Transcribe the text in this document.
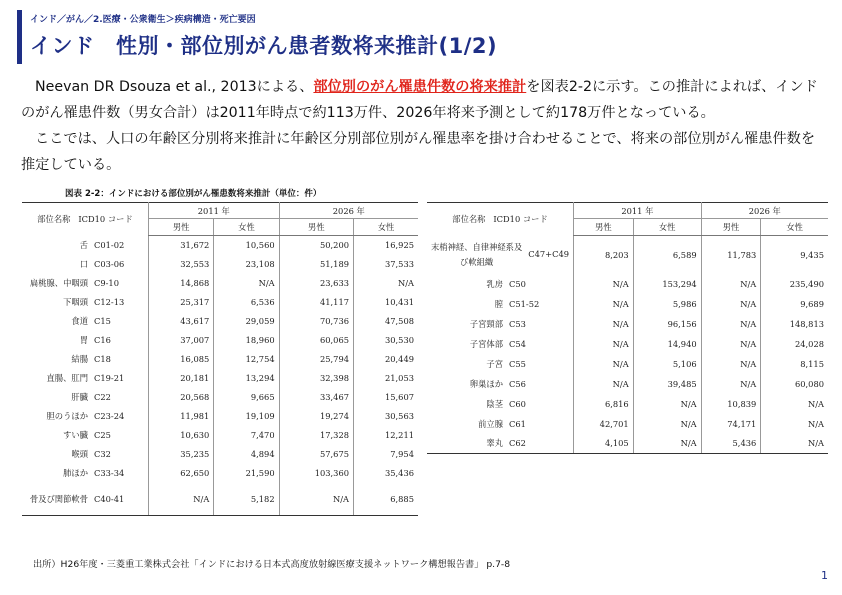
インド／がん／2.医療・公衆衛生＞疾病構造・死亡要因
インド　性別・部位別がん患者数将来推計(1/2)

Neevan DR Dsouza et al., 2013による、部位別のがん罹患件数の将来推計を図表2-2に示す。この推計によれば、インドのがん罹患件数（男女合計）は2011年時点で約113万件、2026年将来予測として約178万件となっている。

ここでは、人口の年齢区分別将来推計に年齢区分別部位別がん罹患率を掛け合わせることで、将来の部位別がん罹患件数を推定している。

図表 2-2：インドにおける部位別がん罹患数将来推計（単位：件）
部位名称 ICD10 コード	2011 年		2026 年	
	男性	女性	男性	女性
舌 C01-02	31,672	10,560	50,200	16,925
口 C03-06	32,553	23,108	51,189	37,533
扁桃腺、中咽頭 C9-10	14,868	N/A	23,633	N/A
下咽頭 C12-13	25,317	6,536	41,117	10,431
食道 C15	43,617	29,059	70,736	47,508
胃 C16	37,007	18,960	60,065	30,530
結腸 C18	16,085	12,754	25,794	20,449
直腸、肛門 C19-21	20,181	13,294	32,398	21,053
肝臓 C22	20,568	9,665	33,467	15,607
胆のうほか C23-24	11,981	19,109	19,274	30,563
すい臓 C25	10,630	7,470	17,328	12,211
喉頭 C32	35,235	4,894	57,675	7,954
肺ほか C33-34	62,650	21,590	103,360	35,436
骨及び関節軟骨 C40-41	N/A	5,182	N/A	6,885
部位名称 ICD10 コード	2011 年		2026 年	
	男性	女性	男性	女性

末梢神経、自律神経系及
び軟組織
C47+C49	8,203	6,589	11,783	9,435
乳房 C50	N/A	153,294	N/A	235,490
膣 C51-52	N/A	5,986	N/A	9,689
子宮頸部 C53	N/A	96,156	N/A	148,813
子宮体部 C54	N/A	14,940	N/A	24,028
子宮 C55	N/A	5,106	N/A	8,115
卵巣ほか C56	N/A	39,485	N/A	60,080
陰茎 C60	6,816	N/A	10,839	N/A
前立腺 C61	42,701	N/A	74,171	N/A
睾丸 C62	4,105	N/A	5,436	N/A
出所）H26年度・三菱重工業株式会社「インドにおける日本式高度放射線医療支援ネットワーク構想報告書」 p.7-8
1
